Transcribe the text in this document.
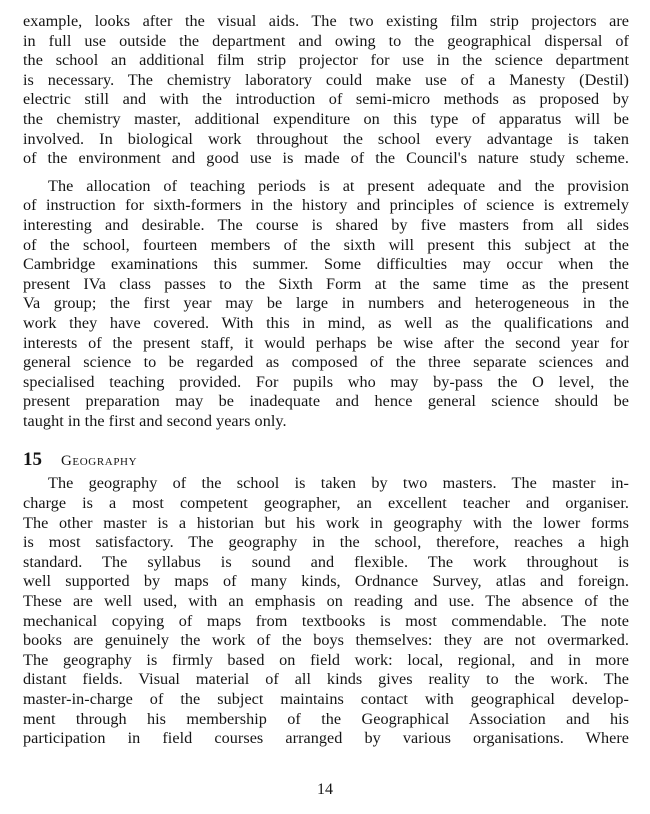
example, looks after the visual aids. The two existing film strip projectors are
in full use outside the department and owing to the geographical dispersal of
the school an additional film strip projector for use in the science department
is necessary. The chemistry laboratory could make use of a Manesty (Destil)
electric still and with the introduction of semi-micro methods as proposed by
the chemistry master, additional expenditure on this type of apparatus will be
involved. In biological work throughout the school every advantage is taken
of the environment and good use is made of the Council's nature study scheme.
The allocation of teaching periods is at present adequate and the provision
of instruction for sixth-formers in the history and principles of science is extremely
interesting and desirable. The course is shared by five masters from all sides
of the school, fourteen members of the sixth will present this subject at the
Cambridge examinations this summer. Some difficulties may occur when the
present IVa class passes to the Sixth Form at the same time as the present
Va group; the first year may be large in numbers and heterogeneous in the
work they have covered. With this in mind, as well as the qualifications and
interests of the present staff, it would perhaps be wise after the second year for
general science to be regarded as composed of the three separate sciences and
specialised teaching provided. For pupils who may by-pass the O level, the
present preparation may be inadequate and hence general science should be
taught in the first and second years only.
15	Geography
The geography of the school is taken by two masters. The master in-
charge is a most competent geographer, an excellent teacher and organiser.
The other master is a historian but his work in geography with the lower forms
is most satisfactory. The geography in the school, therefore, reaches a high
standard. The syllabus is sound and flexible. The work throughout is
well supported by maps of many kinds, Ordnance Survey, atlas and foreign.
These are well used, with an emphasis on reading and use. The absence of the
mechanical copying of maps from textbooks is most commendable. The note
books are genuinely the work of the boys themselves: they are not overmarked.
The geography is firmly based on field work: local, regional, and in more
distant fields. Visual material of all kinds gives reality to the work. The
master-in-charge of the subject maintains contact with geographical develop-
ment through his membership of the Geographical Association and his
participation in field courses arranged by various organisations. Where
14
